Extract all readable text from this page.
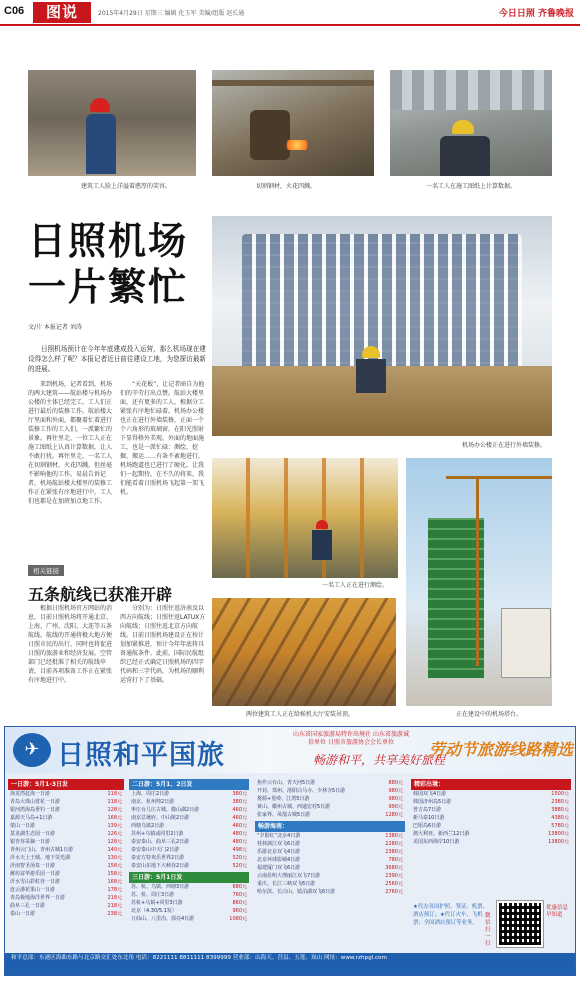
C06	图说	2015年4月29日 星期三 编辑 化玉军 美编/组版 赵长通	今日日照 齐鲁晚报
建筑工人脸上洋溢着憨厚的笑容。	切割钢材，火花四溅。	一名工人在施工图纸上计算数据。
日照机场
一片繁忙
文/片 本报记者 刘涛
日照机场预计在今年年底建成投入运营，那么机场现在建设得怎么样了呢？本报记者近日前往建设工地，为您探访最新的进展。

来到机场，记者看到，机场的两大建筑——航站楼与机场办公楼的主体已经完工，工人们正进行最后的装修工作。航站楼大厅里面和外面，都聚着忙着进行装修工作的工人们，一派繁忙的景象。再往里走，一位工人正在施工图纸上认真计算数据，让人不敢打扰。再往里走，一名工人在切割钢材，火花四溅，但丝毫不影响他的工作。易晨告诉记者，机场航站楼大楼里的装修工作正在紧张有序地进行中，工人们也都是在加班加点地工作。

“天花板”，让记者暗自为他们的辛劳打出点赞。航站大楼里面，还有更多的工人，根据分工紧张有序地忙碌着。机场办公楼也正在进行外墙装修，正面一个个六角形的玻璃窗，在阳光照射下显得格外美观。外面的地面施工，也是一派忙碌：测绘、挖掘、搬运……有条不紊地进行，机场跑道也已进行了硬化。让我们一起期待，在不久的将来，我们能看着日照机场飞起第一架飞机。

机场办公楼正在进行外墙装修。
一名工人正在进行测绘。
相关链接
五条航线已获准开辟

根据日照机场官方网站的消息，目前日照机场将开通北京、上海、广州、沈阳、大连等五条航线。航线的开通将极大地方便日照市民的出行，同时也将促进日照的旅游业和经济发展。空管部门已经批准了相关的航线申请，目前各项准备工作正在紧张有序地进行中。

分别为：日照往返济南及以西方向航线；日照往返LATUX方向航线；日照往返北京方向航线。目前日照机场建设正在按计划加紧推进，预计今年年底将具备通航条件。此前，国际民航组织已经正式确定日照机场的四字代码和三字代码，为机场的顺利运营打下了基础。

两位建筑工人正在给候机大厅安装吊顶。	正在建设中的机场塔台。
✈ 日照和平国旅
山东省国家旅游局特许出境社 山东省旅游诚信单位 日照市旅游协会会长单位
畅游和平，共享美好旅程
劳动节旅游线路精选
一日游：5月1-3日发
海龙湾赶海一日游	118元
青岛大珠山赏花一日游	118元
银河湾海岛垂钓一日游	128元
嘉源天马岛+1日游	168元
蒙山一日游	139元
莫龙湖生态园一日游	126元
银杏谷采摘一日游	128元
青州云门山、青州古城1日游	140元
沂水天上王城、地下荧光湖	130元
沂南智圣汤泉一日游	158元
潍坊富华游乐园一日游	158元
沂水雪山彩虹谷一日游	168元
连云港花果山一日游	178元
青岛极地海洋世界一日游	218元
曲阜三孔一日游	218元
泰山一日游	238元
二日游：5月1、2日发
上海、周庄2日游	380元
南京、杭州帅2日游	380元
枣庄台儿庄古城、微山湖2日游	460元
南京总统府、中山陵2日游	460元
西塘乌镇2日游	460元
苏州+乌镇或同里2日游	480元
泰安泰山、曲阜三孔2日游	480元
泰安泰山中天门2日游	498元
泰安方特欢乐世界2日游	520元
泰安山东地下大峡谷2日游	520元
三日游：5月1日发
苏、杭、乌镇、西塘3日游	680元
苏、杭、周庄3日游	760元
苏杭+乌镇+同里3日游	860元
北京（4.30/5.1发）	960元
万仙山、八里沟、郭亮4日游	1080元
焦作云台山、青天河5日游	880元
开封、郑州、洛阳白马寺、少林寺5日游	980元
婺源+篁岭、江湾5日游	980元
黄山、徽州古城、西递宏村5日游	990元
张家界、凤凰古城5日游	1280元
畅游海南：
“夕阳红”北京4日游	1380元
桂林漓江双飞6日游	2280元
乐游北京双飞4日游	2380元
北京环球影城4日游	780元
福建厦门双飞6日游	3680元
云南昆明大理丽江双飞7日游	2390元
重庆、长江三峡双飞6日游	2560元
哈尔滨、长白山、镜泊湖双飞6日游	2760元
精彩出境：
韩国双飞4日游	1500元
韩国济州岛5日游	2380元
普吉岛7日游	3880元
新马泰10日游	4380元
巴厘岛6日游	5780元
澳大利亚、新西兰12日游	13800元
美国东西海岸10日游	13800元
★代办各国护照、签证、机票、酒店预订；★代订火车、飞机票；全国酒店预订等业务。
微信扫一扫
优惠信息早知道
和平总部：东港区海曲东路与北京路交汇处东北角 电话：8221111 8811111 8399999 营业部：山海天、莒县、五莲、岚山 网址：www.rzhpgl.com
